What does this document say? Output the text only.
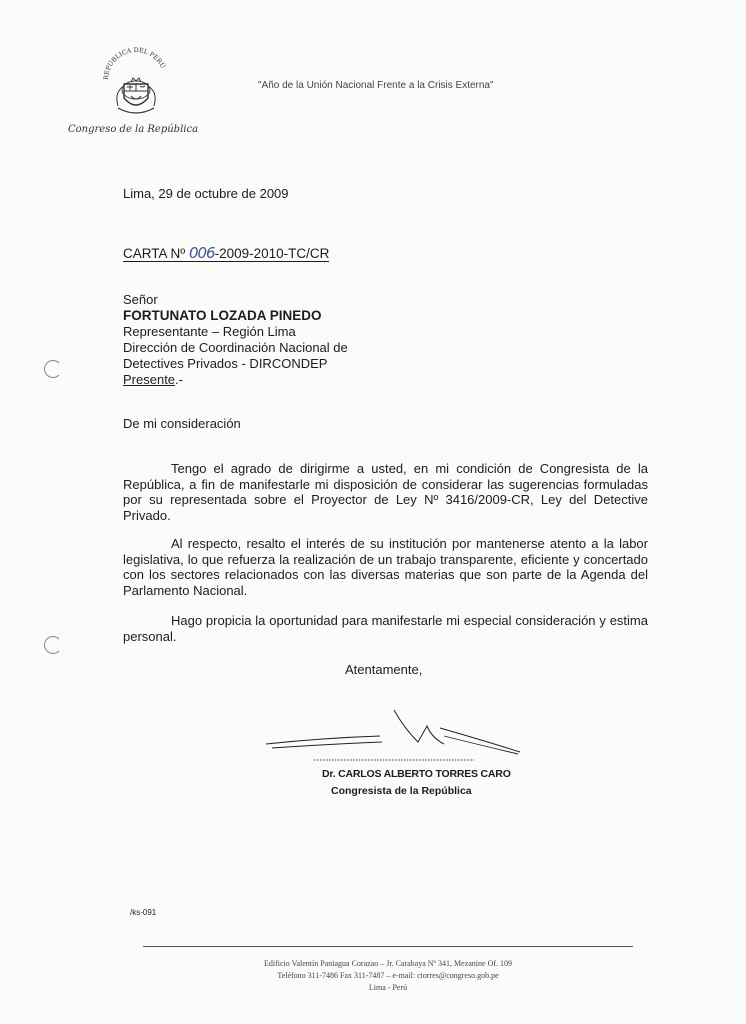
REPÚBLICA DEL PERÚ
Congreso de la República
"Año de la Unión Nacional Frente a la Crisis Externa"
Lima, 29 de octubre de 2009
CARTA Nº 006-2009-2010-TC/CR
Señor
FORTUNATO LOZADA PINEDO
Representante – Región Lima
Dirección de Coordinación Nacional de
Detectives Privados - DIRCONDEP
Presente.-
De mi consideración

Tengo el agrado de dirigirme a usted, en mi condición de Congresista de la República, a fin de manifestarle mi disposición de considerar las sugerencias formuladas por su representada sobre el Proyector de Ley Nº 3416/2009-CR, Ley del Detective Privado.

Al respecto, resalto el interés de su institución por mantenerse atento a la labor legislativa, lo que refuerza la realización de un trabajo transparente, eficiente y concertado con los sectores relacionados con las diversas materias que son parte de la Agenda del Parlamento Nacional.

Hago propicia la oportunidad para manifestarle mi especial consideración y estima personal.

Atentamente,
Dr. CARLOS ALBERTO TORRES CARO
Congresista de la República
/ks-091
Edificio Valentín Paniagua Corazao – Jr. Carabaya Nº 341, Mezanine Of. 109
Teléfono 311-7486 Fax 311-7487 – e-mail: ctorres@congreso.gob.pe
Lima - Perú
